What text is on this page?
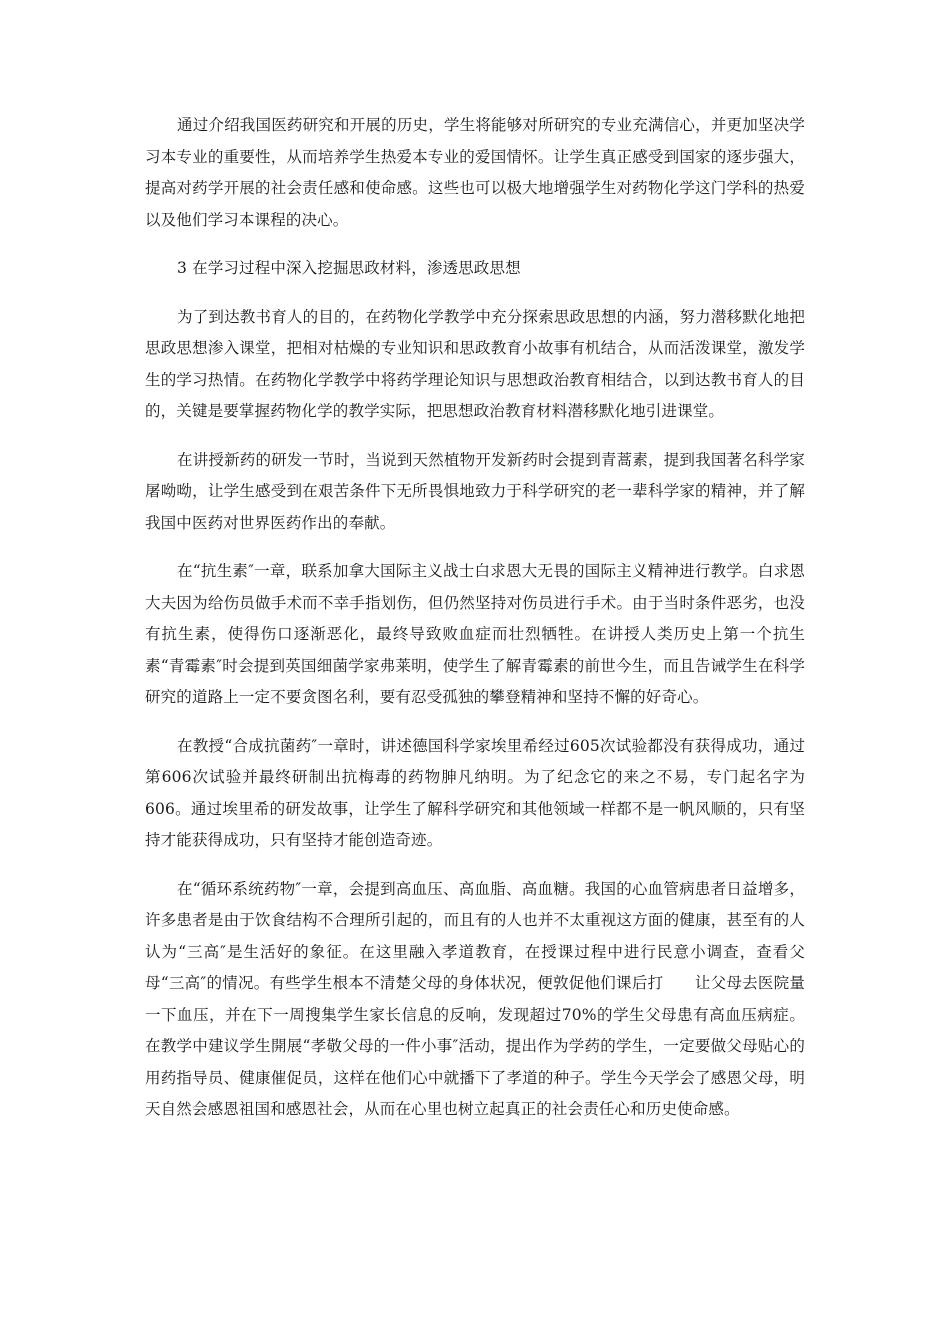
通过介绍我国医药研究和开展的历史，学生将能够对所研究的专业充满信心，并更加坚决学习本专业的重要性，从而培养学生热爱本专业的爱国情怀。让学生真正感受到国家的逐步强大，提高对药学开展的社会责任感和使命感。这些也可以极大地增强学生对药物化学这门学科的热爱以及他们学习本课程的决心。

3 在学习过程中深入挖掘思政材料，渗透思政思想

为了到达教书育人的目的，在药物化学教学中充分探索思政思想的内涵，努力潜移默化地把思政思想渗入课堂，把相对枯燥的专业知识和思政教育小故事有机结合，从而活泼课堂，激发学生的学习热情。在药物化学教学中将药学理论知识与思想政治教育相结合，以到达教书育人的目的，关键是要掌握药物化学的教学实际，把思想政治教育材料潜移默化地引进课堂。

在讲授新药的研发一节时，当说到天然植物开发新药时会提到青蒿素，提到我国著名科学家屠呦呦，让学生感受到在艰苦条件下无所畏惧地致力于科学研究的老一辈科学家的精神，并了解我国中医药对世界医药作出的奉献。

在“抗生素″一章，联系加拿大国际主义战士白求恩大无畏的国际主义精神进行教学。白求恩大夫因为给伤员做手术而不幸手指划伤，但仍然坚持对伤员进行手术。由于当时条件恶劣，也没有抗生素，使得伤口逐渐恶化，最终导致败血症而壮烈牺牲。在讲授人类历史上第一个抗生素“青霉素″时会提到英国细菌学家弗莱明，使学生了解青霉素的前世今生，而且告诫学生在科学研究的道路上一定不要贪图名利，要有忍受孤独的攀登精神和坚持不懈的好奇心。

在教授“合成抗菌药″一章时，讲述德国科学家埃里希经过605次试验都没有获得成功，通过第606次试验并最终研制出抗梅毒的药物胂凡纳明。为了纪念它的来之不易，专门起名字为606。通过埃里希的研发故事，让学生了解科学研究和其他领域一样都不是一帆风顺的，只有坚持才能获得成功，只有坚持才能创造奇迹。

在“循环系统药物″一章，会提到高血压、高血脂、高血糖。我国的心血管病患者日益增多，许多患者是由于饮食结构不合理所引起的，而且有的人也并不太重视这方面的健康，甚至有的人认为“三高″是生活好的象征。在这里融入孝道教育，在授课过程中进行民意小调查，查看父母“三高″的情况。有些学生根本不清楚父母的身体状况，便敦促他们课后打　　让父母去医院量一下血压，并在下一周搜集学生家长信息的反响，发现超过70%的学生父母患有高血压病症。在教学中建议学生開展“孝敬父母的一件小事″活动，提出作为学药的学生，一定要做父母贴心的用药指导员、健康催促员，这样在他们心中就播下了孝道的种子。学生今天学会了感恩父母，明天自然会感恩祖国和感恩社会，从而在心里也树立起真正的社会责任心和历史使命感。
